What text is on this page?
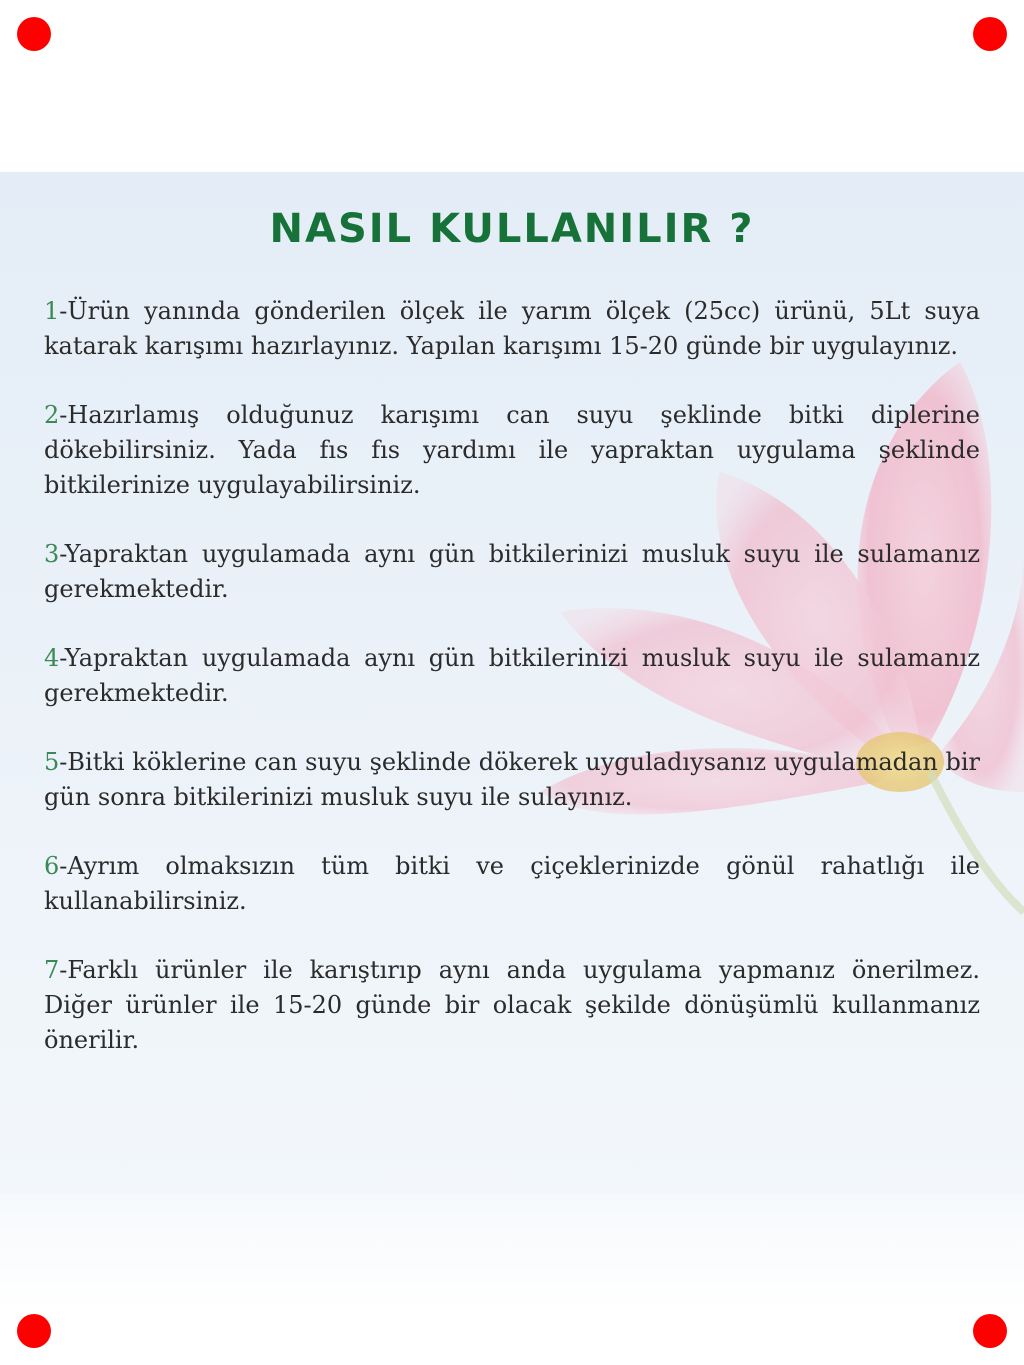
NASIL KULLANILIR ?
1-Ürün yanında gönderilen ölçek ile yarım ölçek (25cc) ürünü, 5Lt suya katarak karışımı hazırlayınız. Yapılan karışımı 15-20 günde bir uygulayınız.
2-Hazırlamış olduğunuz karışımı can suyu şeklinde bitki diplerine dökebilirsiniz. Yada fıs fıs yardımı ile yapraktan uygulama şeklinde bitkilerinize uygulayabilirsiniz.
3-Yapraktan uygulamada aynı gün bitkilerinizi musluk suyu ile sulamanız gerekmektedir.
4-Yapraktan uygulamada aynı gün bitkilerinizi musluk suyu ile sulamanız gerekmektedir.
5-Bitki köklerine can suyu şeklinde dökerek uyguladıysanız uygulamadan bir gün sonra bitkilerinizi musluk suyu ile sulayınız.
6-Ayrım olmaksızın tüm bitki ve çiçeklerinizde gönül rahatlığı ile kullanabilirsiniz.
7-Farklı ürünler ile karıştırıp aynı anda uygulama yapmanız önerilmez. Diğer ürünler ile 15-20 günde bir olacak şekilde dönüşümlü kullanmanız önerilir.
